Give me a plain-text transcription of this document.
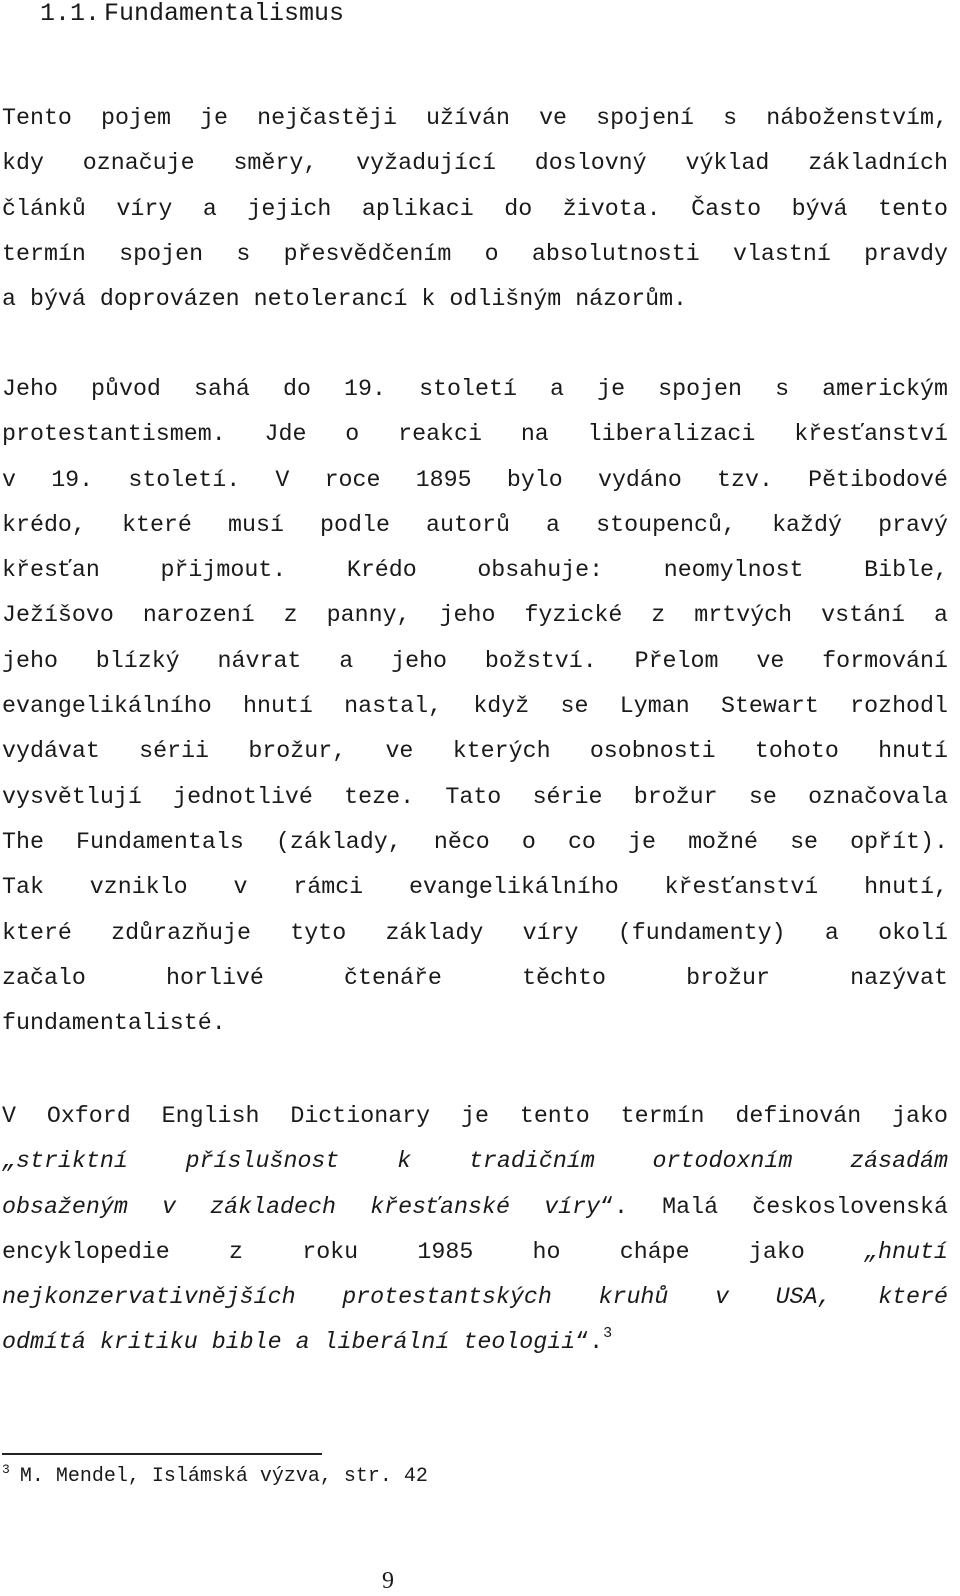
1.1. Fundamentalismus
Tento pojem je nejčastěji užíván ve spojení s náboženstvím,
kdy označuje směry, vyžadující doslovný výklad základních
článků víry a jejich aplikaci do života. Často bývá tento
termín spojen s přesvědčením o absolutnosti vlastní pravdy
a bývá doprovázen netolerancí k odlišným názorům.
Jeho původ sahá do 19. století a je spojen s americkým
protestantismem. Jde o reakci na liberalizaci křesťanství
v 19. století. V roce 1895 bylo vydáno tzv. Pětibodové
krédo, které musí podle autorů a stoupenců, každý pravý
křesťan přijmout. Krédo obsahuje: neomylnost Bible,
Ježíšovo narození z panny, jeho fyzické z mrtvých vstání a
jeho blízký návrat a jeho božství. Přelom ve formování
evangelikálního hnutí nastal, když se Lyman Stewart rozhodl
vydávat sérii brožur, ve kterých osobnosti tohoto hnutí
vysvětlují jednotlivé teze. Tato série brožur se označovala
The Fundamentals (základy, něco o co je možné se opřít).
Tak vzniklo v rámci evangelikálního křesťanství hnutí,
které zdůrazňuje tyto základy víry (fundamenty) a okolí
začalo horlivé čtenáře těchto brožur nazývat
fundamentalisté.
V Oxford English Dictionary je tento termín definován jako
„striktní příslušnost k tradičním ortodoxním zásadám
obsaženým v základech křesťanské víry“. Malá československá
encyklopedie	z	roku	1985	ho	chápe	jako	„hnutí
nejkonzervativnějších protestantských kruhů v USA, které
odmítá kritiku bible a liberální teologii“.$^3$
$^3$ M. Mendel, Islámská výzva, str. 42
9
